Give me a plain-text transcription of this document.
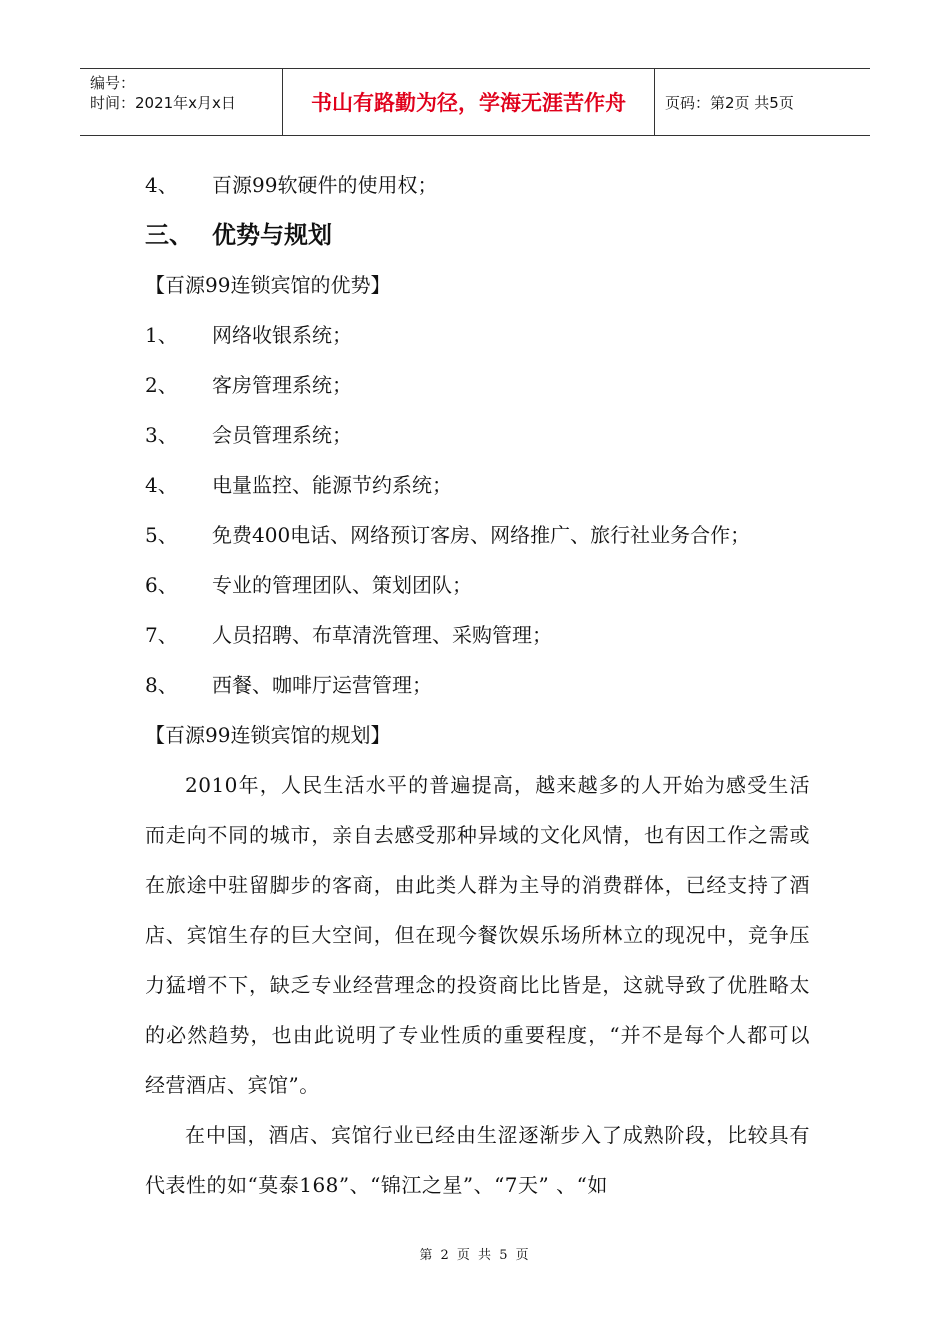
编号：
时间：2021年x月x日	书山有路勤为径，学海无涯苦作舟	页码：第2页 共5页
4、 百源99软硬件的使用权；
三、 优势与规划
【百源99连锁宾馆的优势】
1、 网络收银系统；
2、 客房管理系统；
3、 会员管理系统；
4、 电量监控、能源节约系统；
5、 免费400电话、网络预订客房、网络推广、旅行社业务合作；
6、 专业的管理团队、策划团队；
7、 人员招聘、布草清洗管理、采购管理；
8、 西餐、咖啡厅运营管理；
【百源99连锁宾馆的规划】

2010年，人民生活水平的普遍提高，越来越多的人开始为感受生活而走向不同的城市，亲自去感受那种异域的文化风情，也有因工作之需或在旅途中驻留脚步的客商，由此类人群为主导的消费群体，已经支持了酒店、宾馆生存的巨大空间，但在现今餐饮娱乐场所林立的现况中，竞争压力猛增不下，缺乏专业经营理念的投资商比比皆是，这就导致了优胜略太的必然趋势，也由此说明了专业性质的重要程度，“并不是每个人都可以经营酒店、宾馆”。

在中国，酒店、宾馆行业已经由生涩逐渐步入了成熟阶段，比较具有代表性的如“莫泰168”、“锦江之星”、“7天” 、“如

第 2 页 共 5 页
